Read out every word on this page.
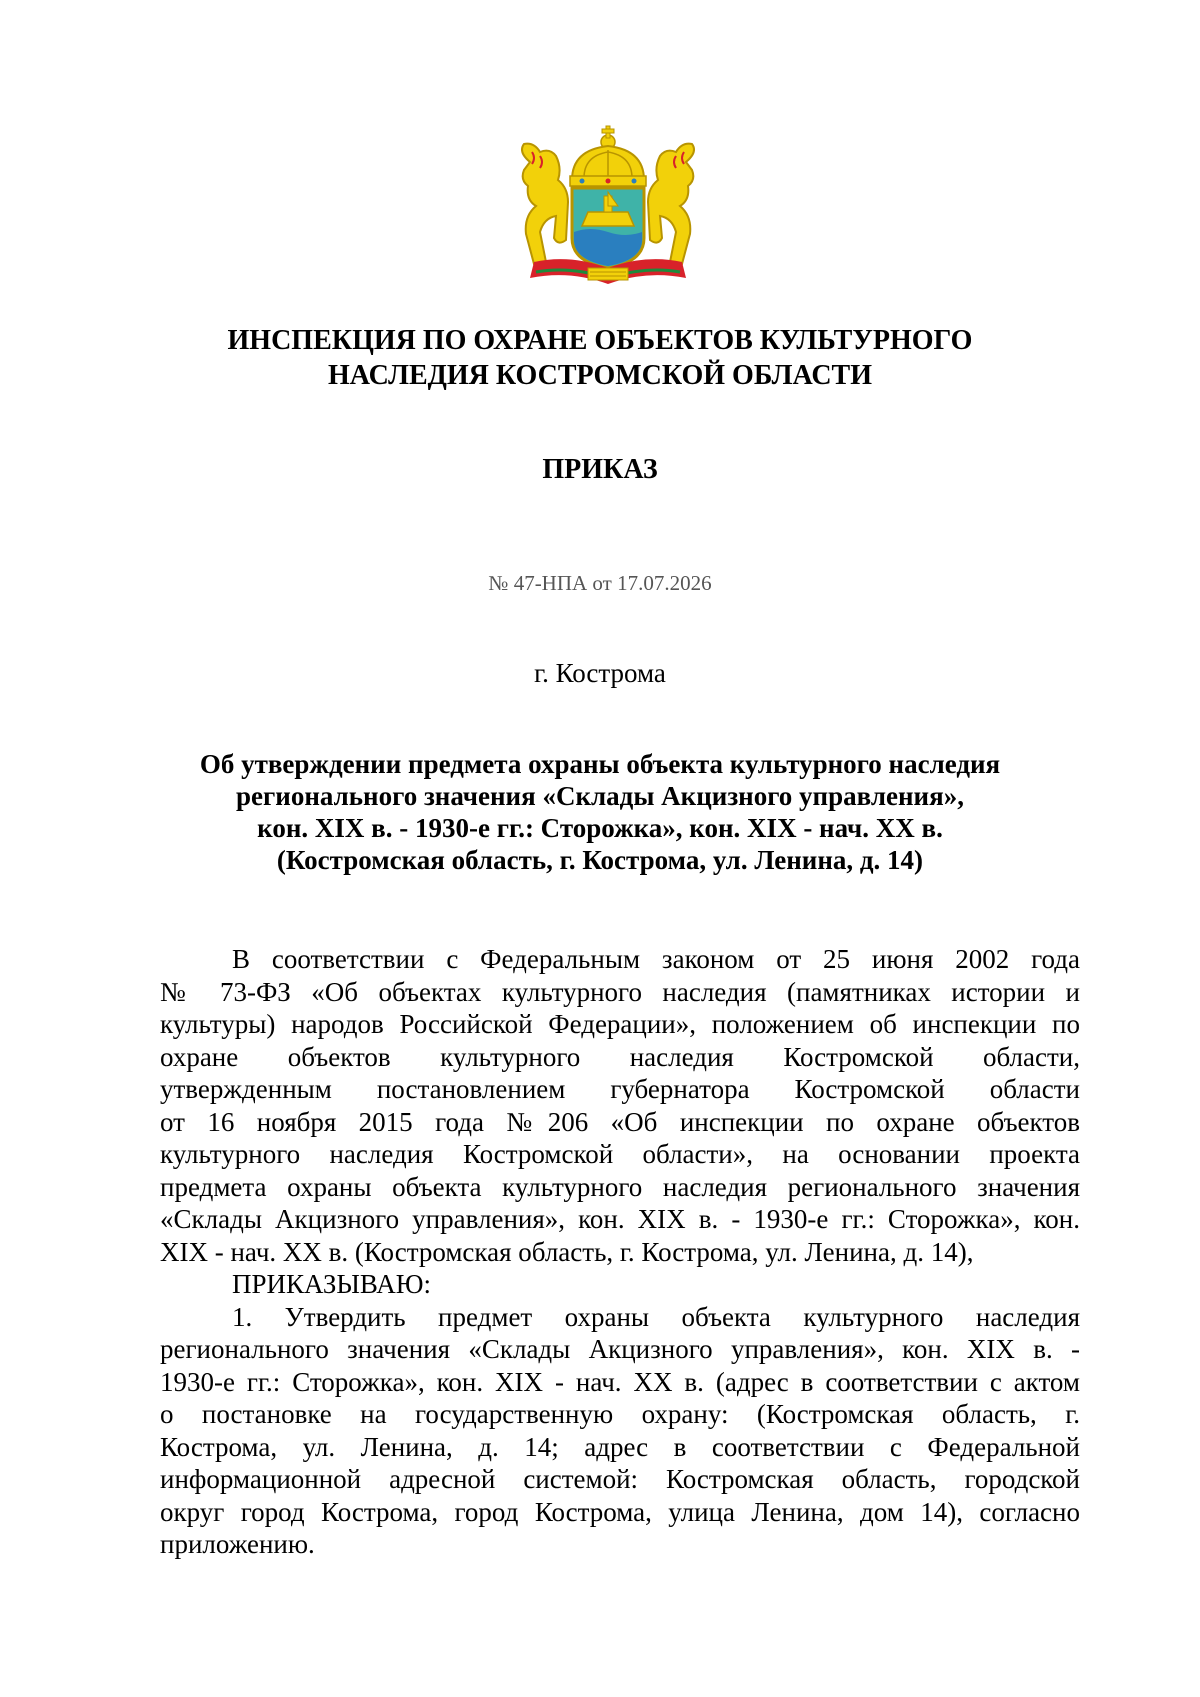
ИНСПЕКЦИЯ ПО ОХРАНЕ ОБЪЕКТОВ КУЛЬТУРНОГО
НАСЛЕДИЯ КОСТРОМСКОЙ ОБЛАСТИ
ПРИКАЗ
№ 47-НПА от 17.07.2026
г. Кострома
Об утверждении предмета охраны объекта культурного наследия
регионального значения «Склады Акцизного управления»,
кон. XIX в. - 1930-е гг.: Сторожка», кон. XIX - нач. XX в.
(Костромская область, г. Кострома, ул. Ленина, д. 14)
В соответствии с Федеральным законом от 25 июня 2002 года
№ 73-ФЗ «Об объектах культурного наследия (памятниках истории и
культуры) народов Российской Федерации», положением об инспекции по
охране объектов культурного наследия Костромской области,
утвержденным постановлением губернатора Костромской области
от 16 ноября 2015 года №206 «Об инспекции по охране объектов
культурного наследия Костромской области», на основании проекта
предмета охраны объекта культурного наследия регионального значения
«Склады Акцизного управления», кон. XIX в. - 1930-е гг.: Сторожка», кон.
XIX - нач. XX в. (Костромская область, г. Кострома, ул. Ленина, д. 14),
ПРИКАЗЫВАЮ:
1. Утвердить предмет охраны объекта культурного наследия
регионального значения «Склады Акцизного управления», кон. XIX в. -
1930-е гг.: Сторожка», кон. XIX - нач. XX в. (адрес в соответствии с актом
о постановке на государственную охрану: (Костромская область, г.
Кострома, ул. Ленина, д. 14; адрес в соответствии с Федеральной
информационной адресной системой: Костромская область, городской
округ город Кострома, город Кострома, улица Ленина, дом 14), согласно
приложению.
